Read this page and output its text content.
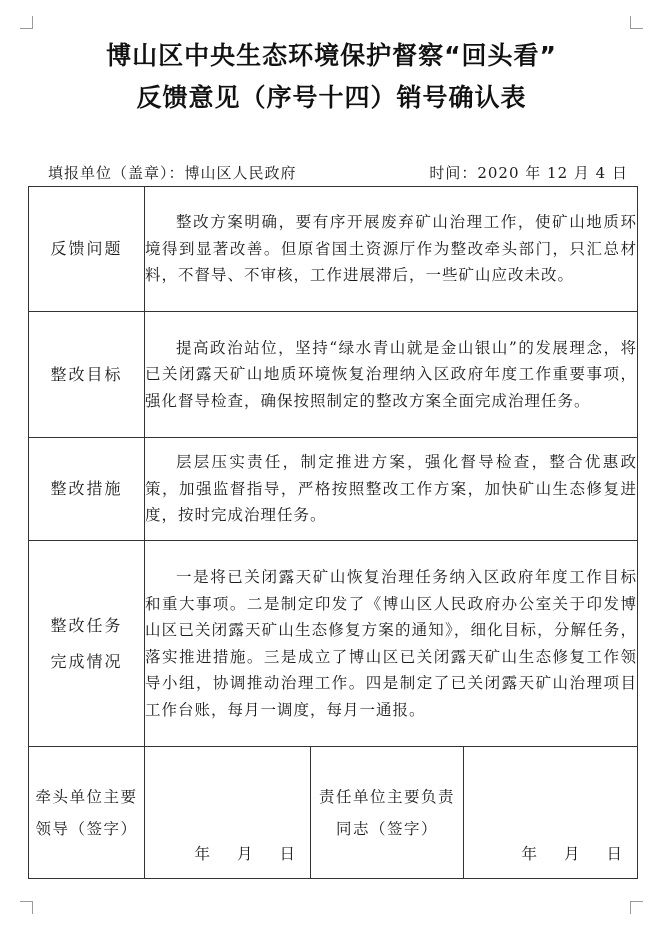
博山区中央生态环境保护督察“回头看”
反馈意见（序号十四）销号确认表
填报单位（盖章）：博山区人民政府	时间：2020 年 12 月 4 日
反馈问题	整改方案明确，要有序开展废弃矿山治理工作，使矿山地质环境得到显著改善。但原省国土资源厅作为整改牵头部门，只汇总材料，不督导、不审核，工作进展滞后，一些矿山应改未改。		

整改目标	提高政治站位，坚持“绿水青山就是金山银山”的发展理念，将已关闭露天矿山地质环境恢复治理纳入区政府年度工作重要事项，强化督导检查，确保按照制定的整改方案全面完成治理任务。		

整改措施	层层压实责任，制定推进方案，强化督导检查，整合优惠政策，加强监督指导，严格按照整改工作方案，加快矿山生态修复进度，按时完成治理任务。		

整改任务
完成情况	一是将已关闭露天矿山恢复治理任务纳入区政府年度工作目标和重大事项。二是制定印发了《博山区人民政府办公室关于印发博山区已关闭露天矿山生态修复方案的通知》，细化目标，分解任务，落实推进措施。三是成立了博山区已关闭露天矿山生态修复工作领导小组，协调推动治理工作。四是制定了已关闭露天矿山治理项目工作台账，每月一调度，每月一通报。		

牵头单位主要领导（签字）	年 月 日	责任单位主要负责同志（签字）	年 月 日
